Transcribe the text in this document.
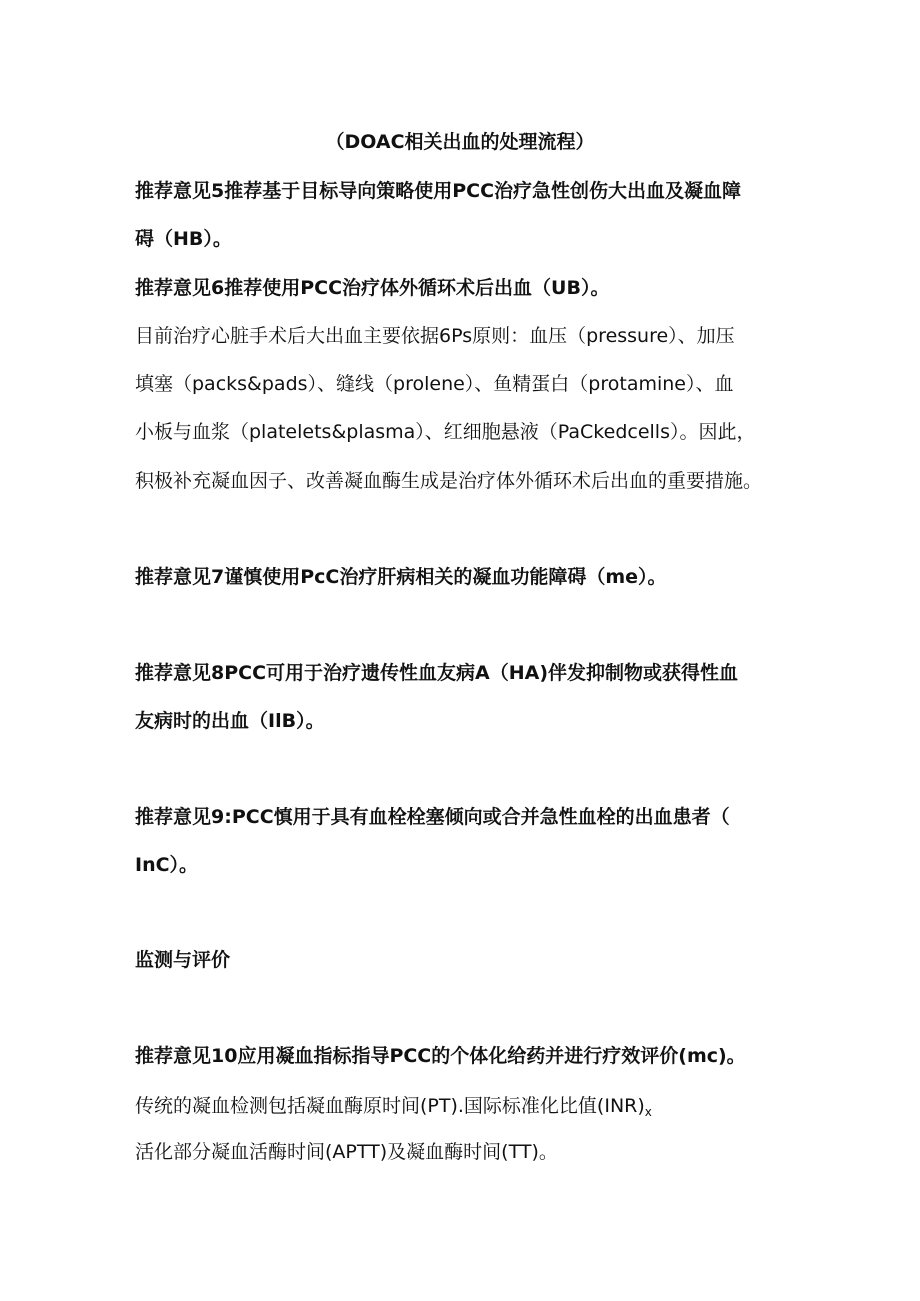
（DOAC相关出血的处理流程）
推荐意见5推荐基于目标导向策略使用PCC治疗急性创伤大出血及凝血障
碍（HB）。
推荐意见6推荐使用PCC治疗体外循环术后出血（UB）。
目前治疗心脏手术后大出血主要依据6Ps原则：血压（pressure）、加压
填塞（packs&pads）、缝线（prolene）、鱼精蛋白（protamine）、血
小板与血浆（platelets&plasma）、红细胞悬液（PaCkedcells）。因此，
积极补充凝血因子、改善凝血酶生成是治疗体外循环术后出血的重要措施。
推荐意见7谨慎使用PcC治疗肝病相关的凝血功能障碍（me）。
推荐意见8PCC可用于治疗遗传性血友病A（HA)伴发抑制物或获得性血
友病时的出血（IlB）。
推荐意见9:PCC慎用于具有血栓栓塞倾向或合并急性血栓的出血患者（
InC）。
监测与评价
推荐意见10应用凝血指标指导PCC的个体化给药并进行疗效评价(mc)。
传统的凝血检测包括凝血酶原时间(PT).国际标准化比值$(INR)_x$
活化部分凝血活酶时间(APTT)及凝血酶时间(TT)。
